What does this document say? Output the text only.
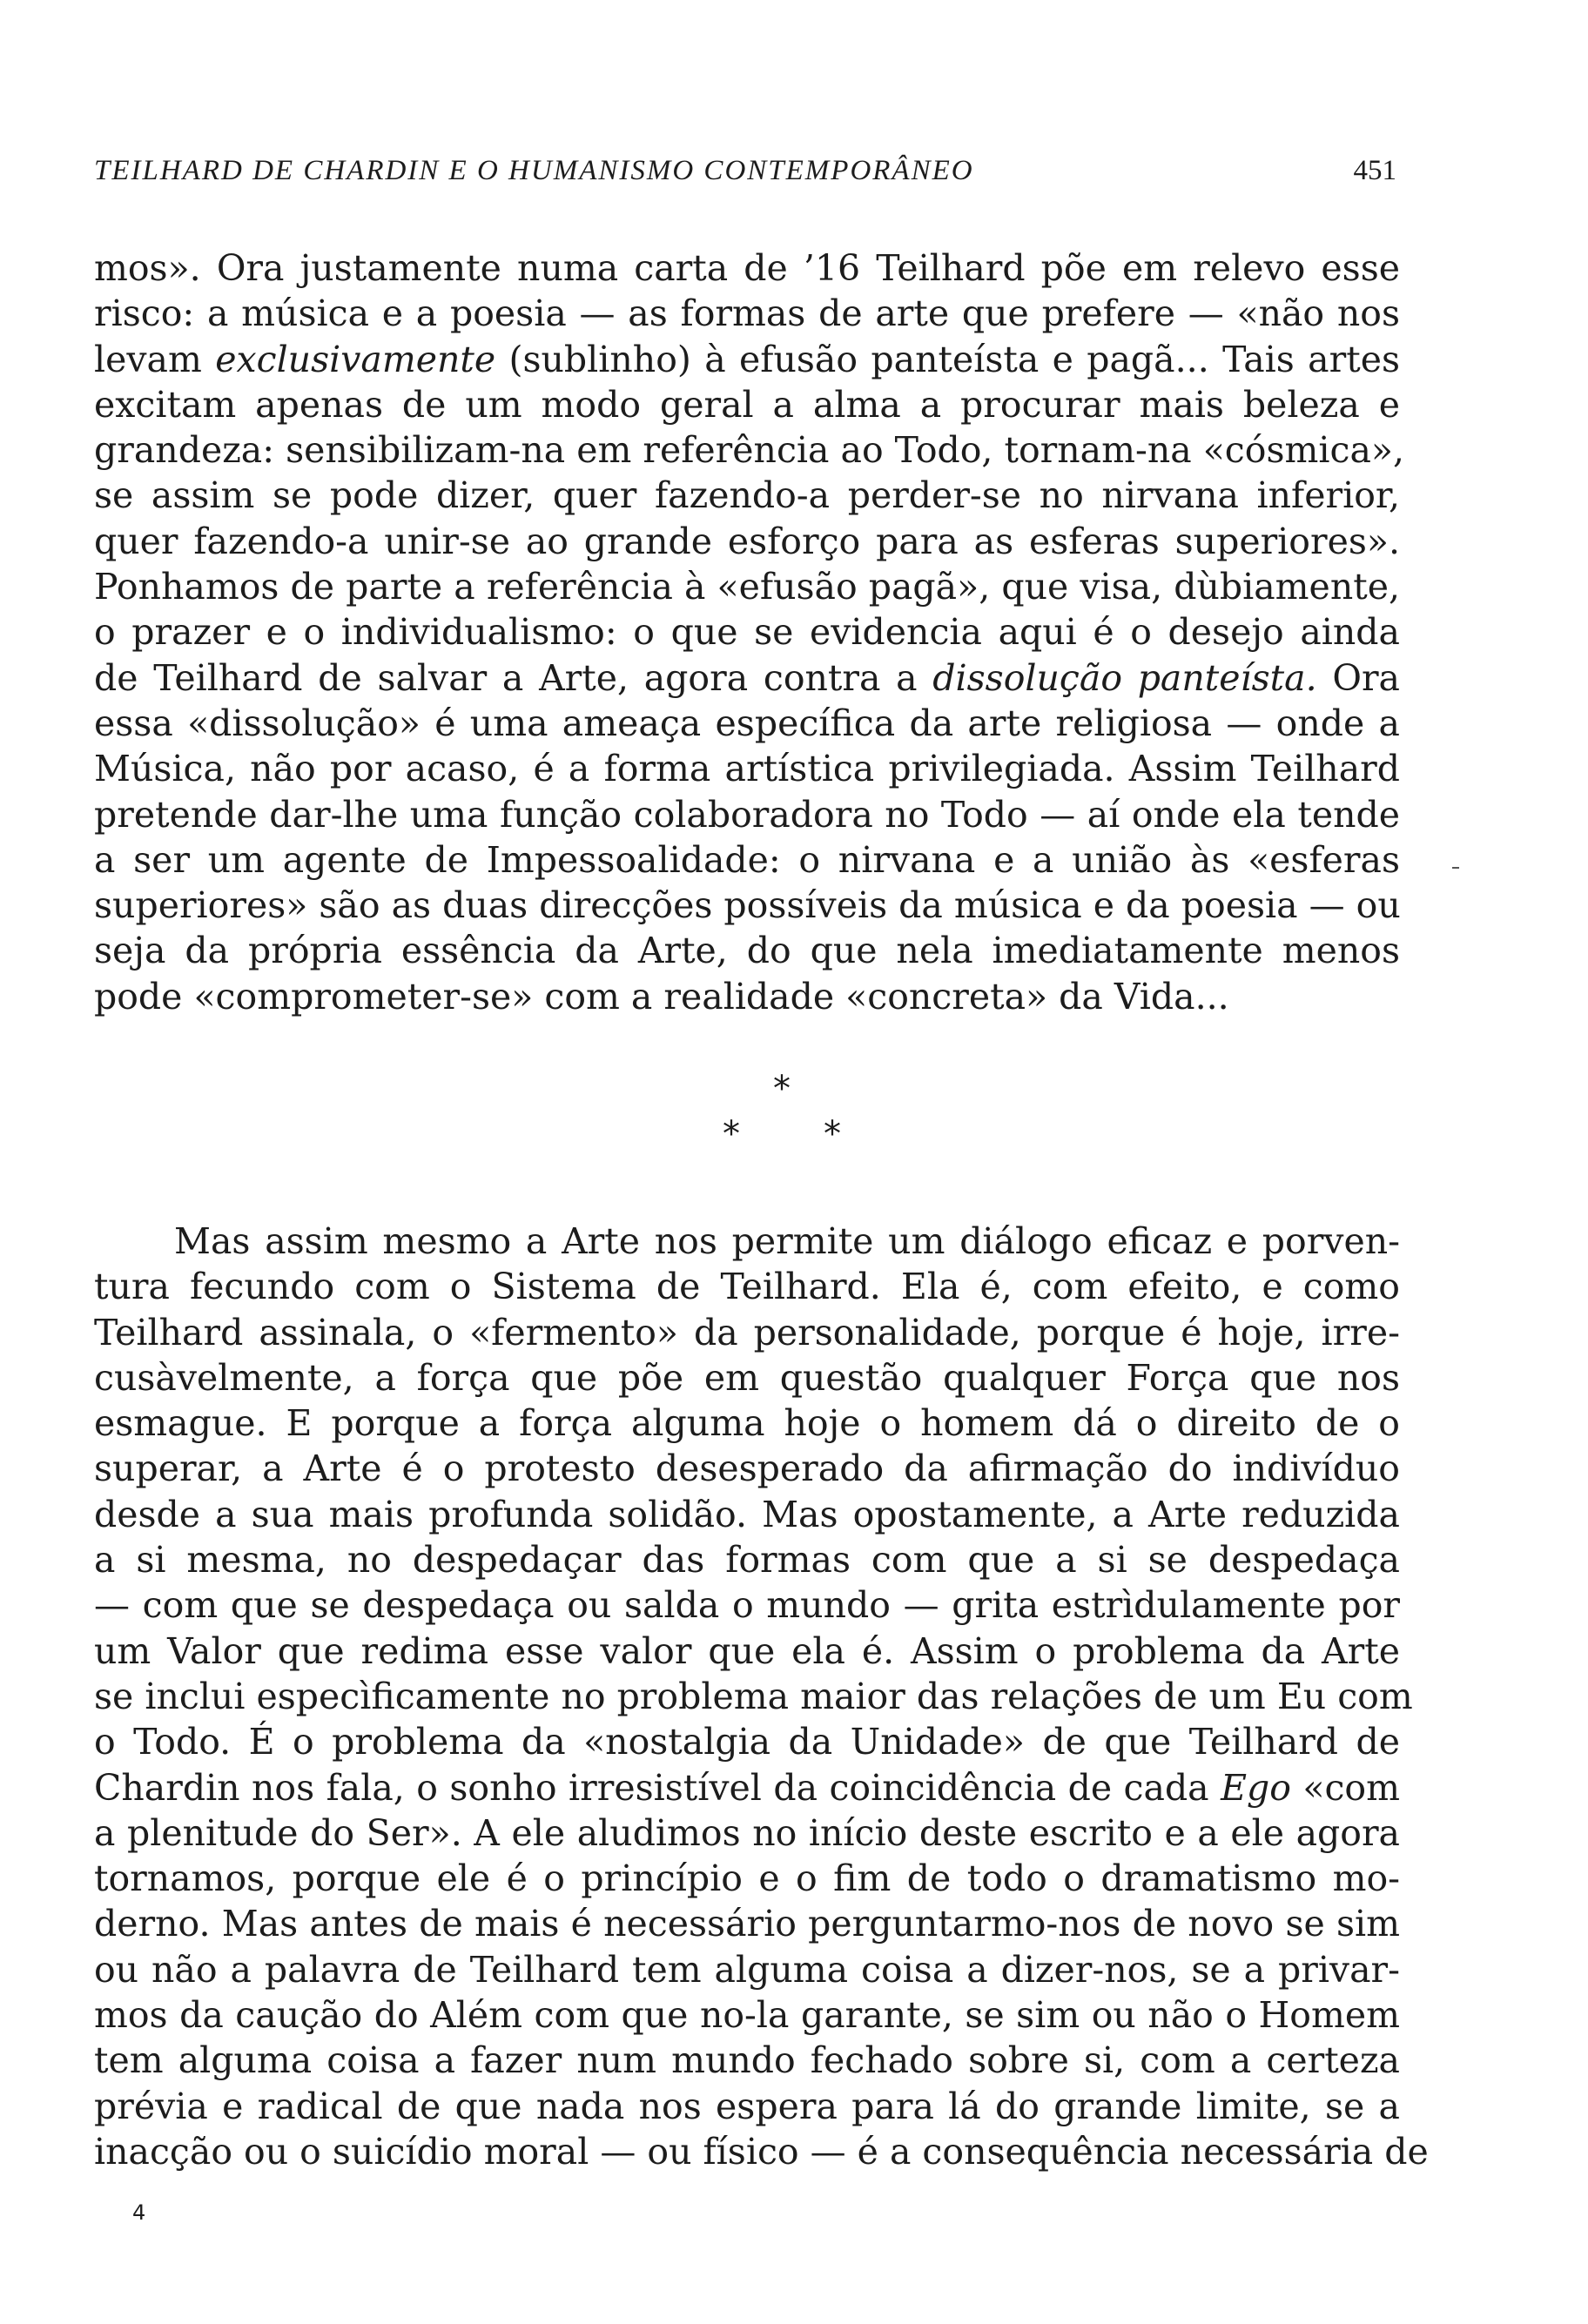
TEILHARD DE CHARDIN E O HUMANISMO CONTEMPORÂNEO	451
mos». Ora justamente numa carta de ’16 Teilhard põe em relevo esse
risco: a música e a poesia — as formas de arte que prefere — «não nos
levam exclusivamente (sublinho) à efusão panteísta e pagã... Tais artes
excitam apenas de um modo geral a alma a procurar mais beleza e
grandeza: sensibilizam-na em referência ao Todo, tornam-na «cósmica»,
se assim se pode dizer, quer fazendo-a perder-se no nirvana inferior,
quer fazendo-a unir-se ao grande esforço para as esferas superiores».
Ponhamos de parte a referência à «efusão pagã», que visa, dùbiamente,
o prazer e o individualismo: o que se evidencia aqui é o desejo ainda
de Teilhard de salvar a Arte, agora contra a dissolução panteísta. Ora
essa «dissolução» é uma ameaça específica da arte religiosa — onde a
Música, não por acaso, é a forma artística privilegiada. Assim Teilhard
pretende dar-lhe uma função colaboradora no Todo — aí onde ela tende
a ser um agente de Impessoalidade: o nirvana e a união às «esferas
superiores» são as duas direcções possíveis da música e da poesia — ou
seja da própria essência da Arte, do que nela imediatamente menos
pode «comprometer-se» com a realidade «concreta» da Vida...
*
* *
Mas assim mesmo a Arte nos permite um diálogo eficaz e porven-
tura fecundo com o Sistema de Teilhard. Ela é, com efeito, e como
Teilhard assinala, o «fermento» da personalidade, porque é hoje, irre-
cusàvelmente, a força que põe em questão qualquer Força que nos
esmague. E porque a força alguma hoje o homem dá o direito de o
superar, a Arte é o protesto desesperado da afirmação do indivíduo
desde a sua mais profunda solidão. Mas opostamente, a Arte reduzida
a si mesma, no despedaçar das formas com que a si se despedaça
— com que se despedaça ou salda o mundo — grita estrìdulamente por
um Valor que redima esse valor que ela é. Assim o problema da Arte
se inclui especìficamente no problema maior das relações de um Eu com
o Todo. É o problema da «nostalgia da Unidade» de que Teilhard de
Chardin nos fala, o sonho irresistível da coincidência de cada Ego «com
a plenitude do Ser». A ele aludimos no início deste escrito e a ele agora
tornamos, porque ele é o princípio e o fim de todo o dramatismo mo-
derno. Mas antes de mais é necessário perguntarmo-nos de novo se sim
ou não a palavra de Teilhard tem alguma coisa a dizer-nos, se a privar-
mos da caução do Além com que no-la garante, se sim ou não o Homem
tem alguma coisa a fazer num mundo fechado sobre si, com a certeza
prévia e radical de que nada nos espera para lá do grande limite, se a
inacção ou o suicídio moral — ou físico — é a consequência necessária de
4
